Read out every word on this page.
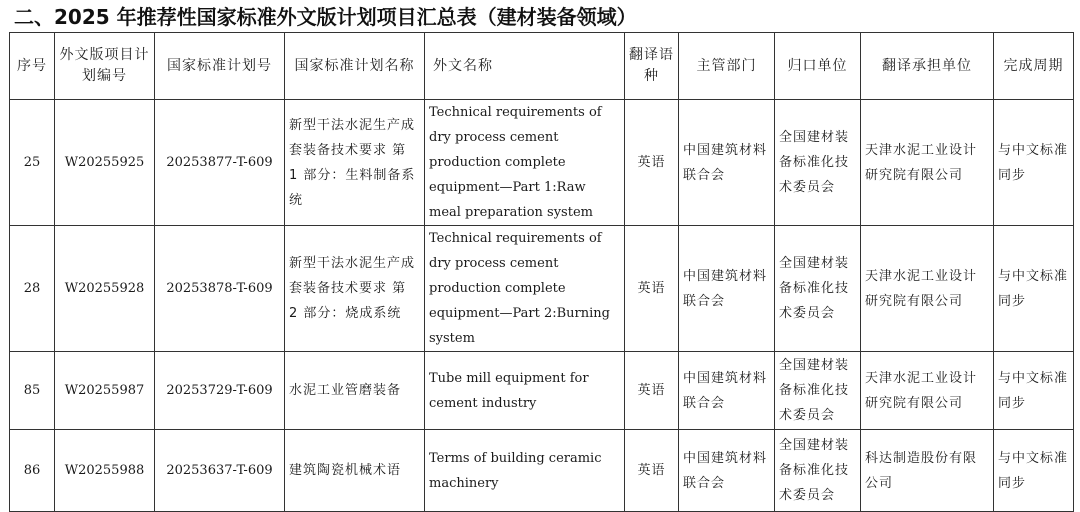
二、2025 年推荐性国家标准外文版计划项目汇总表（建材装备领域）
序号	外文版项目计划编号	国家标准计划号	国家标准计划名称	外文名称	翻译语种	主管部门	归口单位	翻译承担单位	完成周期
25	W20255925	20253877-T-609	新型干法水泥生产成套装备技术要求 第 1 部分：生料制备系统	Technical requirements of dry process cement production complete equipment—Part 1:Raw meal preparation system	英语	中国建筑材料联合会	全国建材装备标准化技术委员会	天津水泥工业设计研究院有限公司	与中文标准同步
28	W20255928	20253878-T-609	新型干法水泥生产成套装备技术要求 第 2 部分：烧成系统	Technical requirements of dry process cement production complete equipment—Part 2:Burning system	英语	中国建筑材料联合会	全国建材装备标准化技术委员会	天津水泥工业设计研究院有限公司	与中文标准同步
85	W20255987	20253729-T-609	水泥工业管磨装备	Tube mill equipment for cement industry	英语	中国建筑材料联合会	全国建材装备标准化技术委员会	天津水泥工业设计研究院有限公司	与中文标准同步
86	W20255988	20253637-T-609	建筑陶瓷机械术语	Terms of building ceramic machinery	英语	中国建筑材料联合会	全国建材装备标准化技术委员会	科达制造股份有限公司	与中文标准同步
